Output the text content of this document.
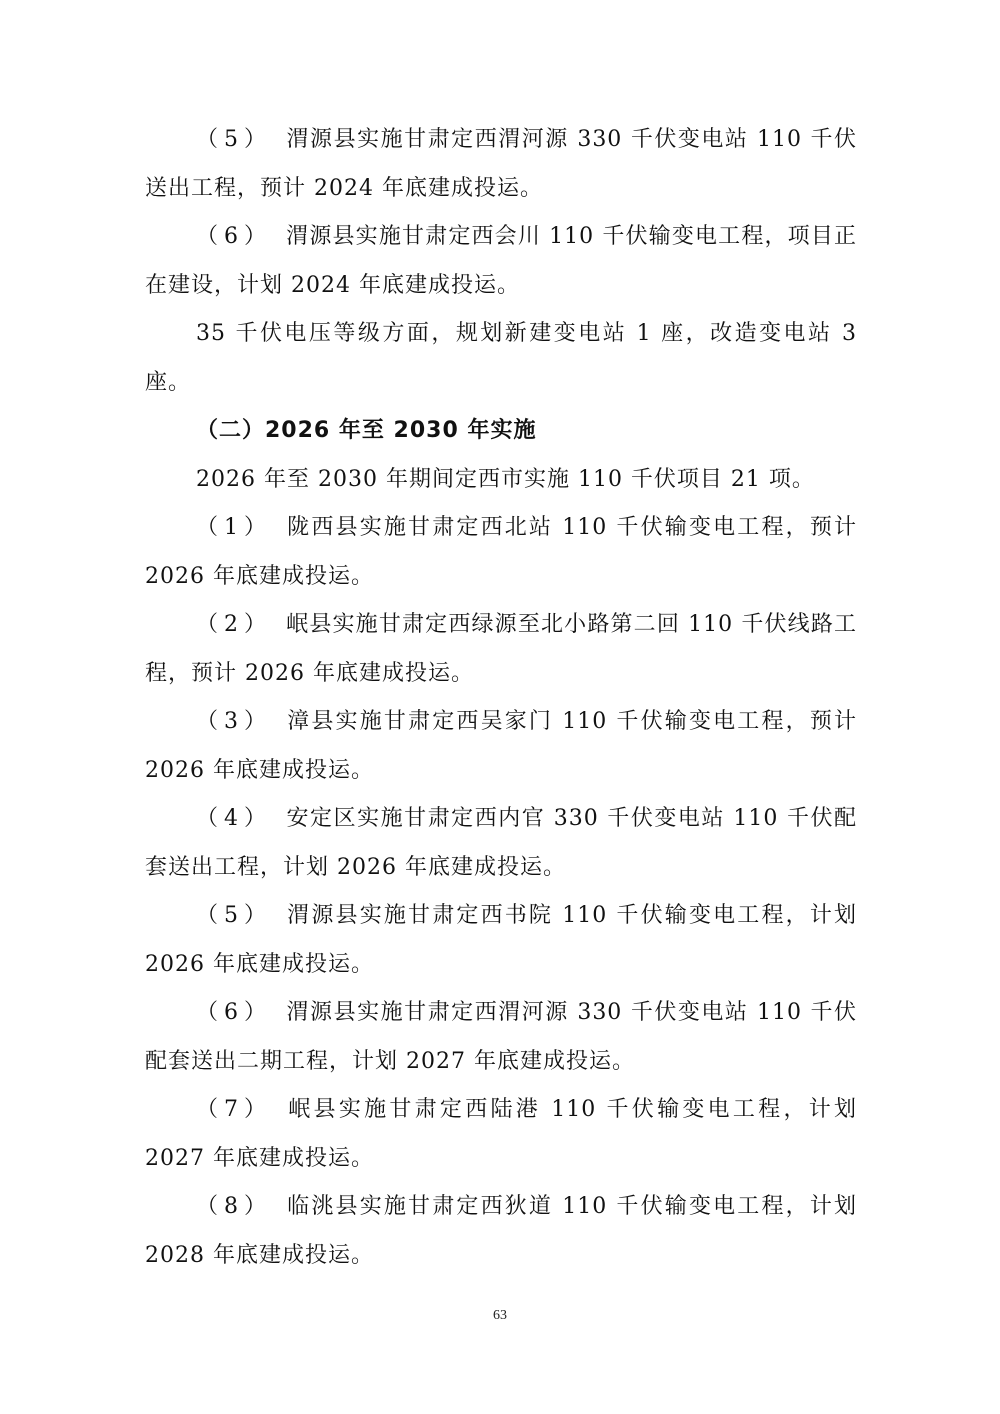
（5） 渭源县实施甘肃定西渭河源 330 千伏变电站 110 千伏送出工程，预计 2024 年底建成投运。

（6） 渭源县实施甘肃定西会川 110 千伏输变电工程，项目正在建设，计划 2024 年底建成投运。

35 千伏电压等级方面，规划新建变电站 1 座，改造变电站 3 座。

（二）2026 年至 2030 年实施

2026 年至 2030 年期间定西市实施 110 千伏项目 21 项。

（1） 陇西县实施甘肃定西北站 110 千伏输变电工程，预计 2026 年底建成投运。

（2） 岷县实施甘肃定西绿源至北小路第二回 110 千伏线路工程，预计 2026 年底建成投运。

（3） 漳县实施甘肃定西吴家门 110 千伏输变电工程，预计 2026 年底建成投运。

（4） 安定区实施甘肃定西内官 330 千伏变电站 110 千伏配套送出工程，计划 2026 年底建成投运。

（5） 渭源县实施甘肃定西书院 110 千伏输变电工程，计划 2026 年底建成投运。

（6） 渭源县实施甘肃定西渭河源 330 千伏变电站 110 千伏配套送出二期工程，计划 2027 年底建成投运。

（7） 岷县实施甘肃定西陆港 110 千伏输变电工程，计划 2027 年底建成投运。

（8） 临洮县实施甘肃定西狄道 110 千伏输变电工程，计划 2028 年底建成投运。

63
